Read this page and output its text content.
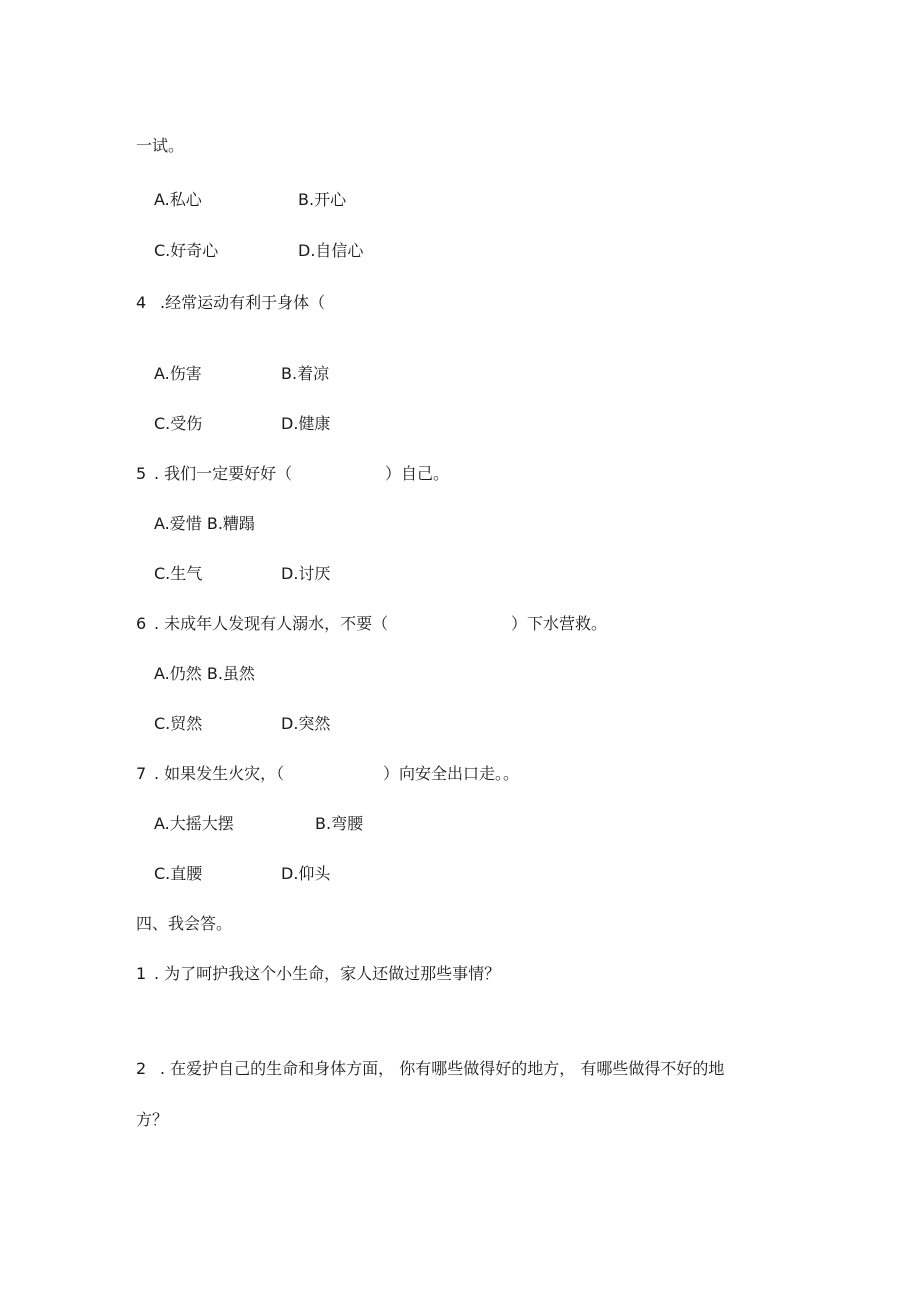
一试。
A.私心	B.开心
C.好奇心	D.自信心
4 .经常运动有利于身体（
A.伤害	B.着凉
C.受伤	D.健康
5 . 我们一定要好好（	）自己。
A.爱惜 B.糟蹋
C.生气	D.讨厌
6 . 未成年人发现有人溺水，不要（	）下水营救。
A.仍然 B.虽然
C.贸然	D.突然
7 . 如果发生火灾，（	）向安全出口走。。
A.大摇大摆	B.弯腰
C.直腰	D.仰头
四、我会答。
1 . 为了呵护我这个小生命，家人还做过那些事情？
2 . 在爱护自己的生命和身体方面， 你有哪些做得好的地方， 有哪些做得不好的地
方？
